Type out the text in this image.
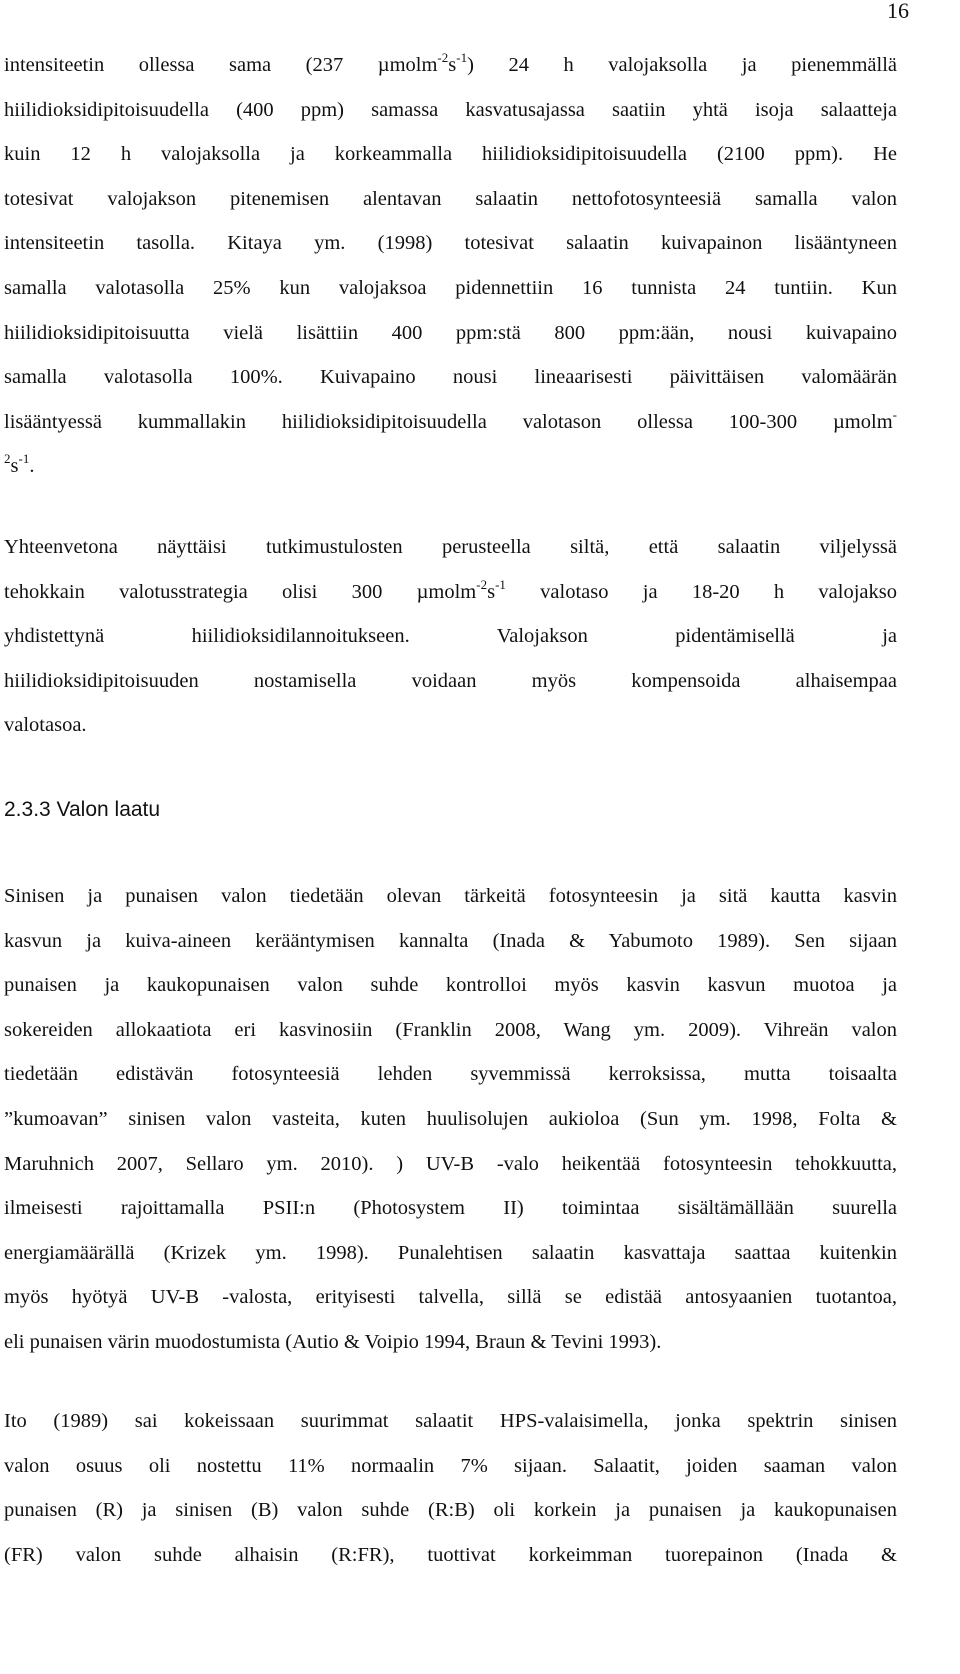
16
intensiteetin ollessa sama (237 $\mu molm^{-2}s^{-1}$) 24 h valojaksolla ja pienemmällä
hiilidioksidipitoisuudella (400 ppm) samassa kasvatusajassa saatiin yhtä isoja salaatteja
kuin 12 h valojaksolla ja korkeammalla hiilidioksidipitoisuudella (2100 ppm). He
totesivat valojakson pitenemisen alentavan salaatin nettofotosynteesiä samalla valon
intensiteetin tasolla. Kitaya ym. (1998) totesivat salaatin kuivapainon lisääntyneen
samalla valotasolla 25% kun valojaksoa pidennettiin 16 tunnista 24 tuntiin. Kun
hiilidioksidipitoisuutta vielä lisättiin 400 ppm:stä 800 ppm:ään, nousi kuivapaino
samalla valotasolla 100%. Kuivapaino nousi lineaarisesti päivittäisen valomäärän
lisääntyessä kummallakin hiilidioksidipitoisuudella valotason ollessa 100-300 µmolm-
$^2s^{-1}$.
Yhteenvetona näyttäisi tutkimustulosten perusteella siltä, että salaatin viljelyssä
tehokkain valotusstrategia olisi 300 $\mu molm^{-2}s^{-1}$ valotaso ja 18-20 h valojakso
yhdistettynä hiilidioksidilannoitukseen. Valojakson pidentämisellä ja
hiilidioksidipitoisuuden nostamisella voidaan myös kompensoida alhaisempaa
valotasoa.
2.3.3 Valon laatu
Sinisen ja punaisen valon tiedetään olevan tärkeitä fotosynteesin ja sitä kautta kasvin
kasvun ja kuiva-aineen kerääntymisen kannalta (Inada & Yabumoto 1989). Sen sijaan
punaisen ja kaukopunaisen valon suhde kontrolloi myös kasvin kasvun muotoa ja
sokereiden allokaatiota eri kasvinosiin (Franklin 2008, Wang ym. 2009). Vihreän valon
tiedetään edistävän fotosynteesiä lehden syvemmissä kerroksissa, mutta toisaalta
”kumoavan” sinisen valon vasteita, kuten huulisolujen aukioloa (Sun ym. 1998, Folta &
Maruhnich 2007, Sellaro ym. 2010). ) UV-B -valo heikentää fotosynteesin tehokkuutta,
ilmeisesti rajoittamalla PSII:n (Photosystem II) toimintaa sisältämällään suurella
energiamäärällä (Krizek ym. 1998). Punalehtisen salaatin kasvattaja saattaa kuitenkin
myös hyötyä UV-B -valosta, erityisesti talvella, sillä se edistää antosyaanien tuotantoa,
eli punaisen värin muodostumista (Autio & Voipio 1994, Braun & Tevini 1993).
Ito (1989) sai kokeissaan suurimmat salaatit HPS-valaisimella, jonka spektrin sinisen
valon osuus oli nostettu 11% normaalin 7% sijaan. Salaatit, joiden saaman valon
punaisen (R) ja sinisen (B) valon suhde (R:B) oli korkein ja punaisen ja kaukopunaisen
(FR) valon suhde alhaisin (R:FR), tuottivat korkeimman tuorepainon (Inada &
